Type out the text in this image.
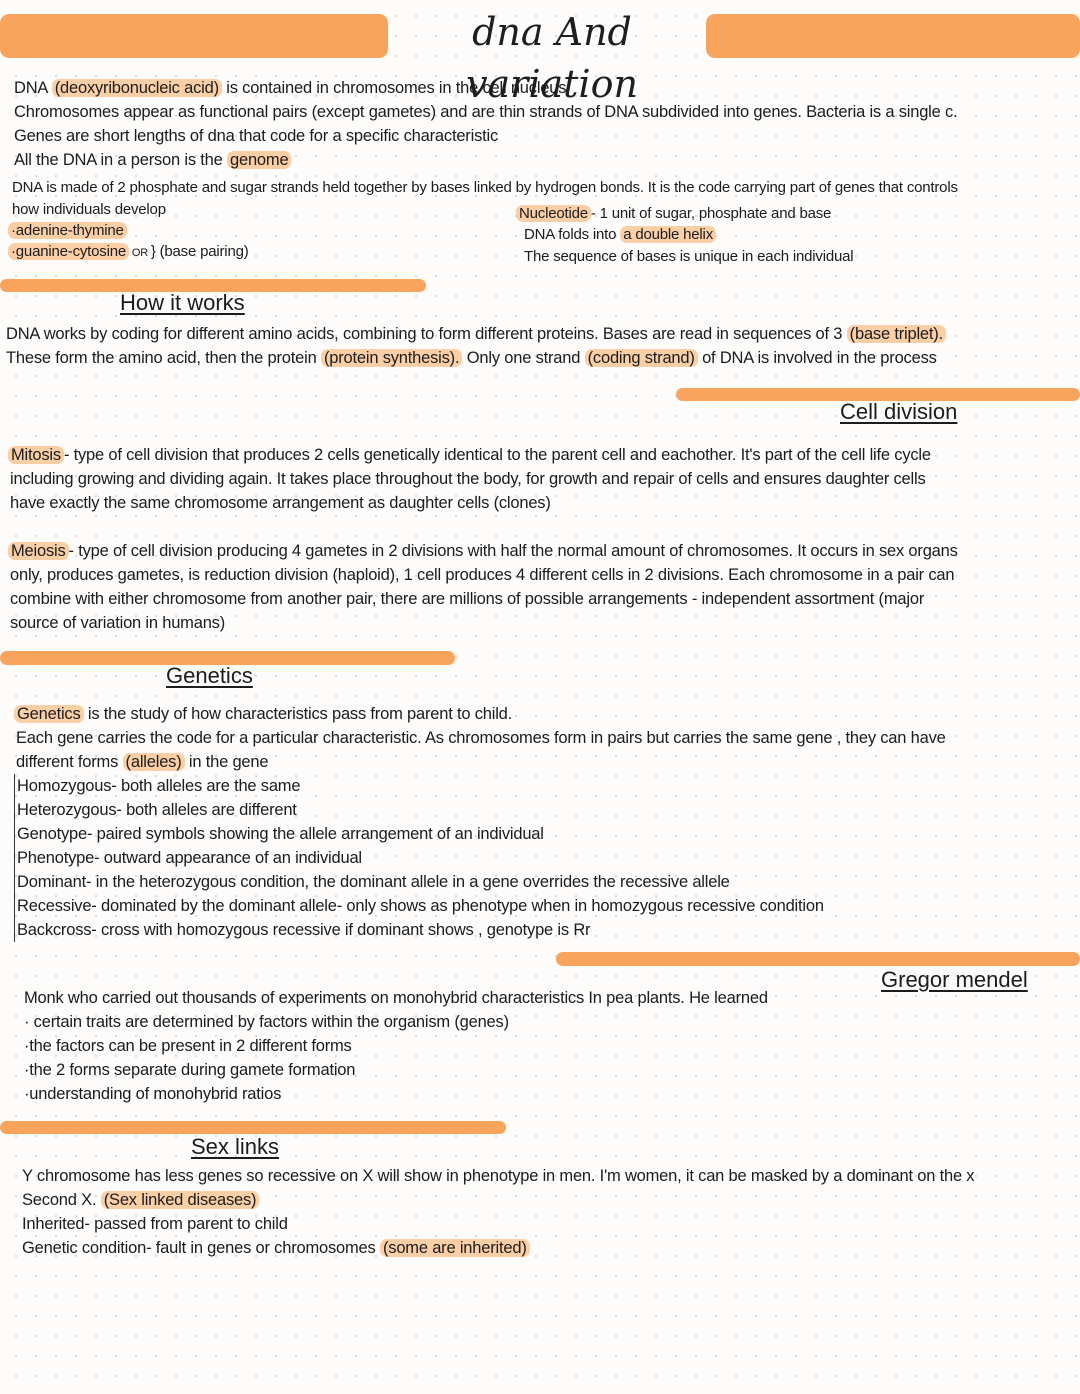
dna And variation
DNA (deoxyribonucleic acid) is contained in chromosomes in the cell nucleus
Chromosomes appear as functional pairs (except gametes) and are thin strands of DNA subdivided into genes. Bacteria is a single c.
Genes are short lengths of dna that code for a specific characteristic
All the DNA in a person is the genome
DNA is made of 2 phosphate and sugar strands held together by bases linked by hydrogen bonds. It is the code carrying part of genes that controls
how individuals develop
·adenine-thymine
·guanine-cytosine OR } (base pairing)
Nucleotide - 1 unit of sugar, phosphate and base
DNA folds into a double helix
The sequence of bases is unique in each individual
How it works
DNA works by coding for different amino acids, combining to form different proteins. Bases are read in sequences of 3 (base triplet).
These form the amino acid, then the protein (protein synthesis). Only one strand (coding strand) of DNA is involved in the process
Cell division
Mitosis - type of cell division that produces 2 cells genetically identical to the parent cell and eachother. It's part of the cell life cycle
including growing and dividing again. It takes place throughout the body, for growth and repair of cells and ensures daughter cells
have exactly the same chromosome arrangement as daughter cells (clones)
Meiosis - type of cell division producing 4 gametes in 2 divisions with half the normal amount of chromosomes. It occurs in sex organs
only, produces gametes, is reduction division (haploid), 1 cell produces 4 different cells in 2 divisions. Each chromosome in a pair can
combine with either chromosome from another pair, there are millions of possible arrangements - independent assortment (major
source of variation in humans)
Genetics
Genetics is the study of how characteristics pass from parent to child.
Each gene carries the code for a particular characteristic. As chromosomes form in pairs but carries the same gene , they can have
different forms (alleles) in the gene
Homozygous- both alleles are the same
Heterozygous- both alleles are different
Genotype- paired symbols showing the allele arrangement of an individual
Phenotype- outward appearance of an individual
Dominant- in the heterozygous condition, the dominant allele in a gene overrides the recessive allele
Recessive- dominated by the dominant allele- only shows as phenotype when in homozygous recessive condition
Backcross- cross with homozygous recessive if dominant shows , genotype is Rr
Gregor mendel
Monk who carried out thousands of experiments on monohybrid characteristics In pea plants. He learned
· certain traits are determined by factors within the organism (genes)
·the factors can be present in 2 different forms
·the 2 forms separate during gamete formation
·understanding of monohybrid ratios
Sex links
Y chromosome has less genes so recessive on X will show in phenotype in men. I'm women, it can be masked by a dominant on the x
Second X. (Sex linked diseases)
Inherited- passed from parent to child
Genetic condition- fault in genes or chromosomes (some are inherited)
